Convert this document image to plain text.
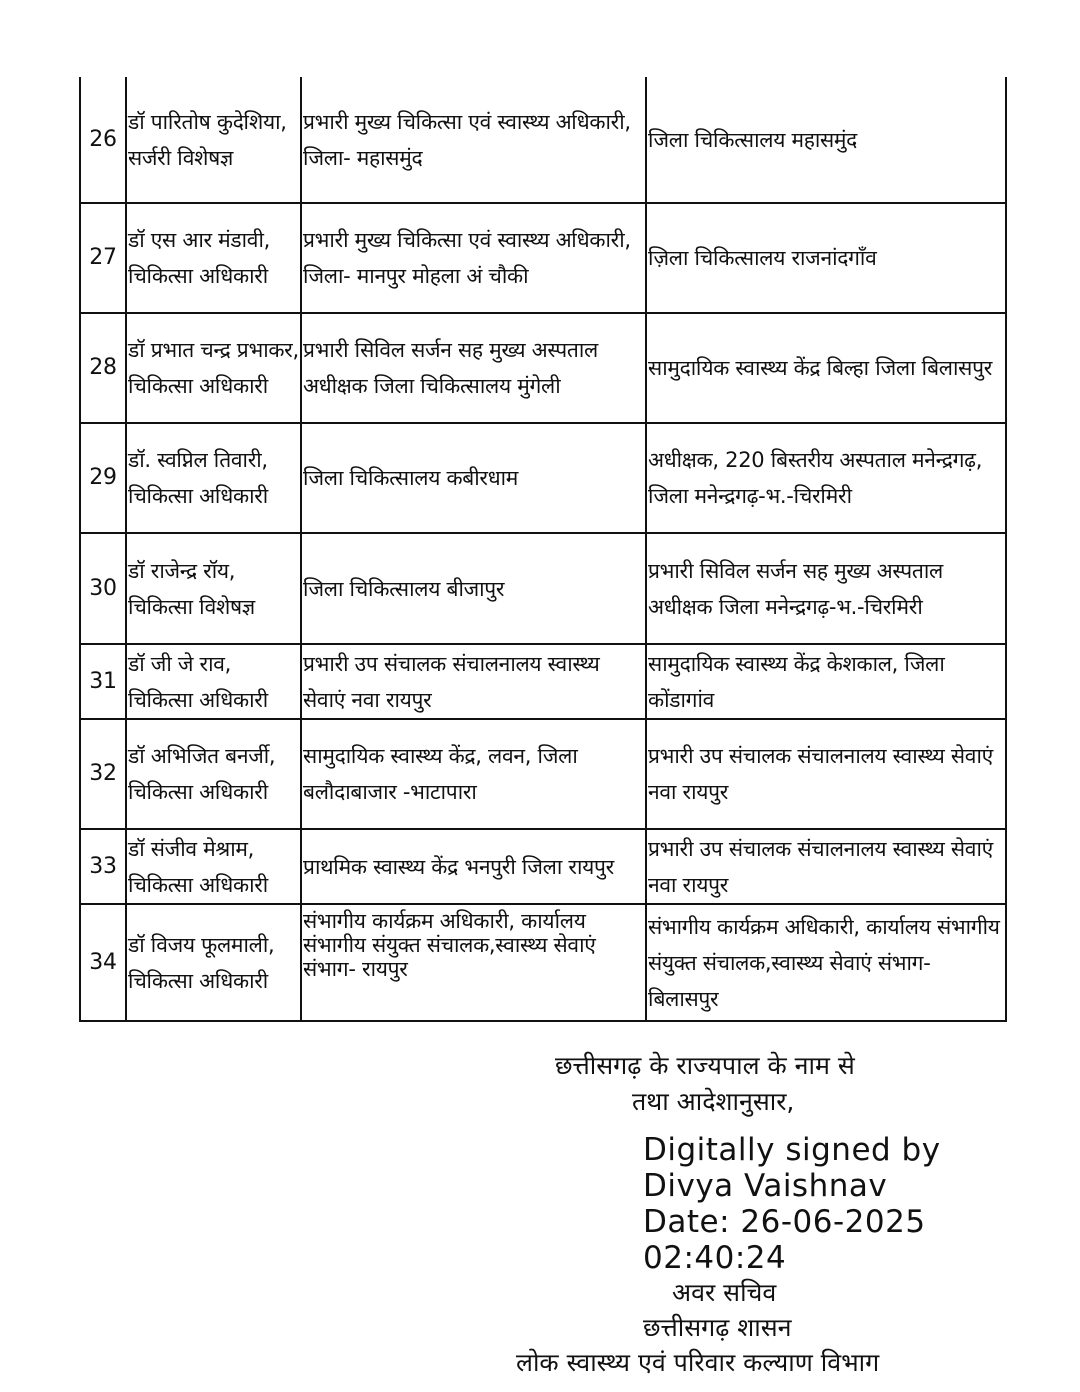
26	डॉ पारितोष कुदेशिया, सर्जरी विशेषज्ञ	प्रभारी मुख्य चिकित्सा एवं स्वास्थ्य अधिकारी, जिला- महासमुंद	जिला चिकित्सालय महासमुंद
27	डॉ एस आर मंडावी, चिकित्सा अधिकारी	प्रभारी मुख्य चिकित्सा एवं स्वास्थ्य अधिकारी, जिला- मानपुर मोहला अं चौकी	ज़िला चिकित्सालय राजनांदगाँव
28	डॉ प्रभात चन्द्र प्रभाकर, चिकित्सा अधिकारी	प्रभारी सिविल सर्जन सह मुख्य अस्पताल अधीक्षक जिला चिकित्सालय मुंगेली	सामुदायिक स्वास्थ्य केंद्र बिल्हा जिला बिलासपुर
29	डॉ. स्वप्निल तिवारी, चिकित्सा अधिकारी	जिला चिकित्सालय कबीरधाम	अधीक्षक, 220 बिस्तरीय अस्पताल मनेन्द्रगढ़, जिला मनेन्द्रगढ़-भ.-चिरमिरी
30	डॉ राजेन्द्र रॉय, चिकित्सा विशेषज्ञ	जिला चिकित्सालय बीजापुर	प्रभारी सिविल सर्जन सह मुख्य अस्पताल अधीक्षक जिला मनेन्द्रगढ़-भ.-चिरमिरी
31	डॉ जी जे राव, चिकित्सा अधिकारी	प्रभारी उप संचालक संचालनालय स्वास्थ्य सेवाएं नवा रायपुर	सामुदायिक स्वास्थ्य केंद्र केशकाल, जिला कोंडागांव
32	डॉ अभिजित बनर्जी, चिकित्सा अधिकारी	सामुदायिक स्वास्थ्य केंद्र, लवन, जिला बलौदाबाजार -भाटापारा	प्रभारी उप संचालक संचालनालय स्वास्थ्य सेवाएं नवा रायपुर
33	डॉ संजीव मेश्राम, चिकित्सा अधिकारी	प्राथमिक स्वास्थ्य केंद्र भनपुरी जिला रायपुर	प्रभारी उप संचालक संचालनालय स्वास्थ्य सेवाएं नवा रायपुर
34	डॉ विजय फूलमाली, चिकित्सा अधिकारी	संभागीय कार्यक्रम अधिकारी, कार्यालय संभागीय संयुक्त संचालक,स्वास्थ्य सेवाएं संभाग- रायपुर	संभागीय कार्यक्रम अधिकारी, कार्यालय संभागीय संयुक्त संचालक,स्वास्थ्य सेवाएं संभाग- बिलासपुर
छत्तीसगढ़ के राज्यपाल के नाम से
तथा आदेशानुसार,
Digitally signed by
Divya Vaishnav
Date: 26-06-2025
02:40:24
अवर सचिव
छत्तीसगढ़ शासन
लोक स्वास्थ्य एवं परिवार कल्याण विभाग
